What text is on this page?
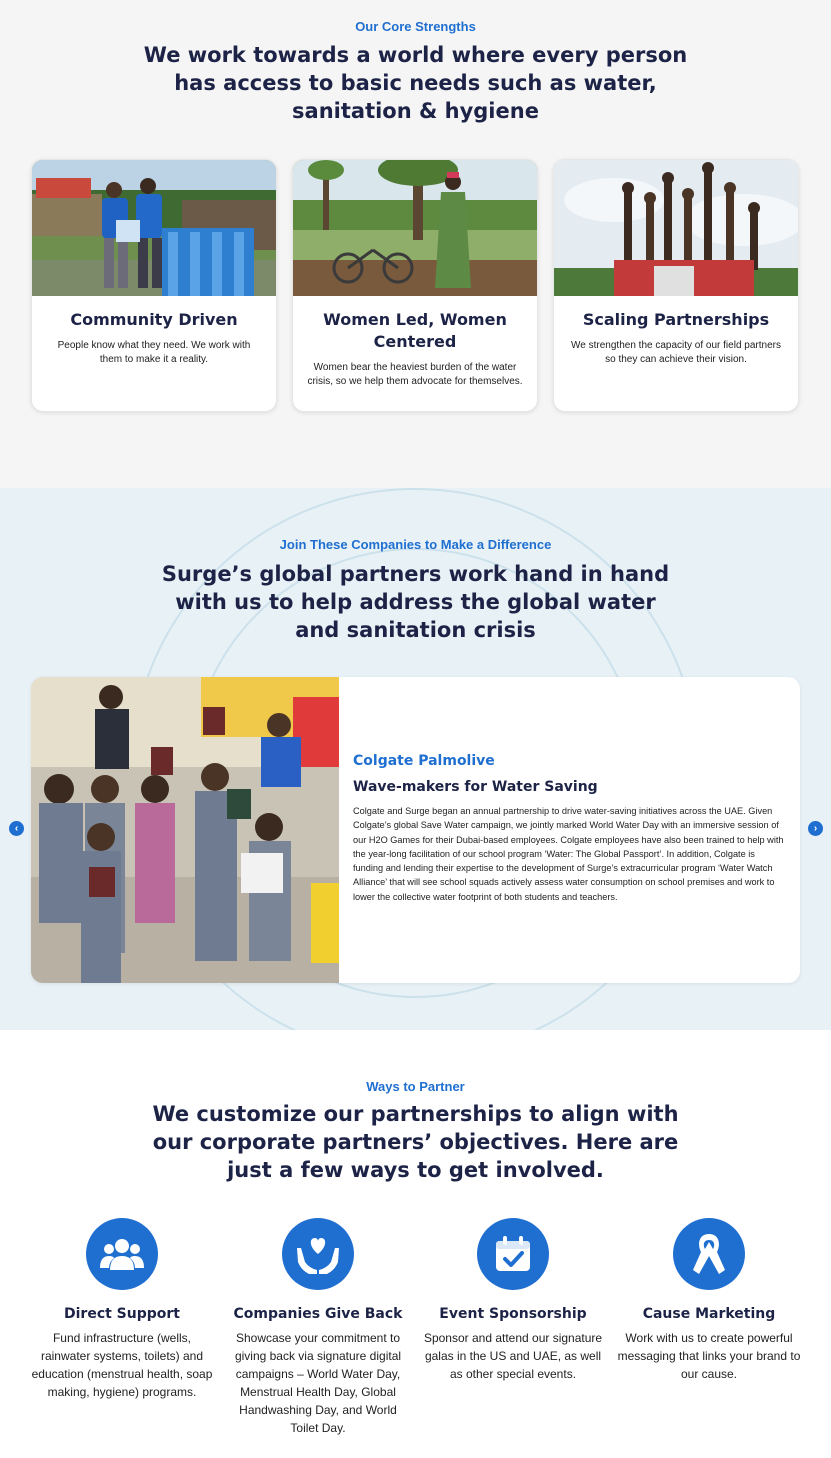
Our Core Strengths
We work towards a world where every person has access to basic needs such as water, sanitation & hygiene
Community Driven

People know what they need. We work with them to make it a reality.

Women Led, Women Centered

Women bear the heaviest burden of the water crisis, so we help them advocate for themselves.

Scaling Partnerships

We strengthen the capacity of our field partners so they can achieve their vision.

Join These Companies to Make a Difference
Surge’s global partners work hand in hand with us to help address the global water and sanitation crisis
‹	›
Colgate Palmolive
Wave-makers for Water Saving

Colgate and Surge began an annual partnership to drive water-saving initiatives across the UAE. Given Colgate’s global Save Water campaign, we jointly marked World Water Day with an immersive session of our H2O Games for their Dubai-based employees. Colgate employees have also been trained to help with the year-long facilitation of our school program ‘Water: The Global Passport’. In addition, Colgate is funding and lending their expertise to the development of Surge’s extracurricular program ‘Water Watch Alliance’ that will see school squads actively assess water consumption on school premises and work to lower the collective water footprint of both students and teachers.

Ways to Partner
We customize our partnerships to align with our corporate partners’ objectives. Here are just a few ways to get involved.
Direct Support

Fund infrastructure (wells, rainwater systems, toilets) and education (menstrual health, soap making, hygiene) programs.

Companies Give Back

Showcase your commitment to giving back via signature digital campaigns – World Water Day, Menstrual Health Day, Global Handwashing Day, and World Toilet Day.

Event Sponsorship

Sponsor and attend our signature galas in the US and UAE, as well as other special events.

Cause Marketing

Work with us to create powerful messaging that links your brand to our cause.
